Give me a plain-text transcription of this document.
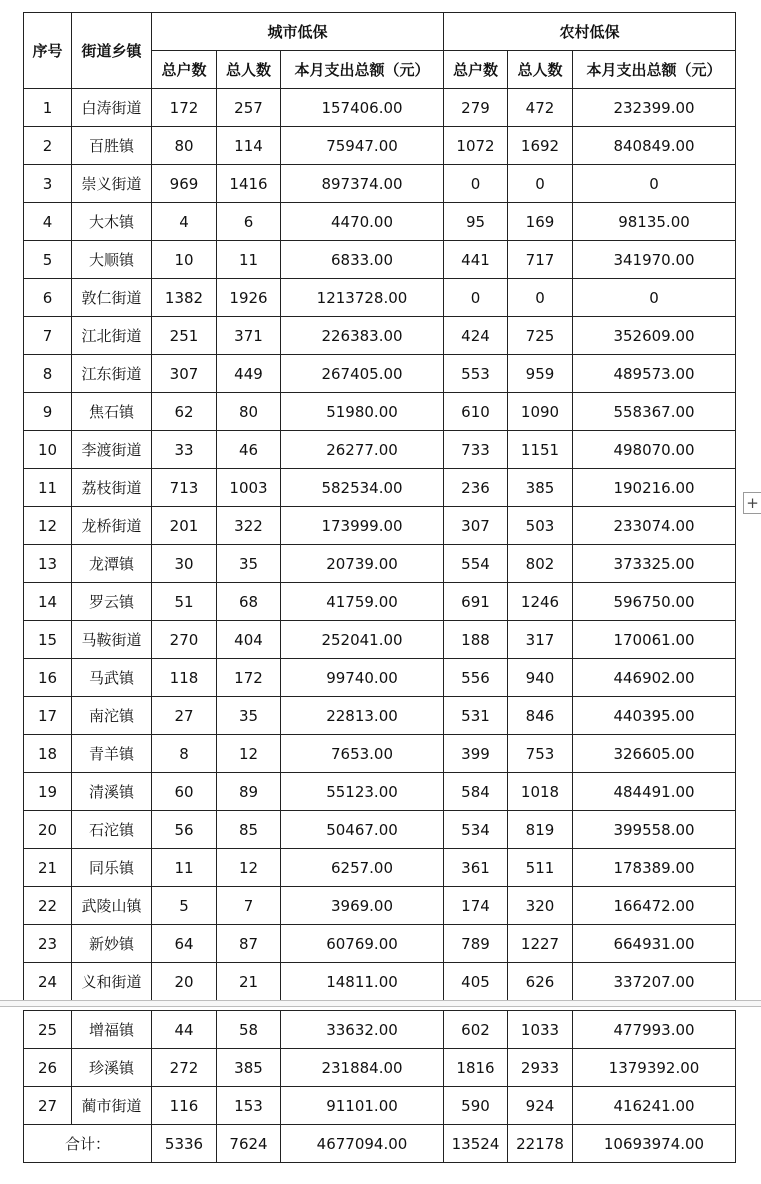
序号	街道乡镇	城市低保			农村低保		
		总户数	总人数	本月支出总额（元）	总户数	总人数	本月支出总额（元）
1	白涛街道	172	257	157406.00	279	472	232399.00
2	百胜镇	80	114	75947.00	1072	1692	840849.00
3	崇义街道	969	1416	897374.00	0	0	0
4	大木镇	4	6	4470.00	95	169	98135.00
5	大顺镇	10	11	6833.00	441	717	341970.00
6	敦仁街道	1382	1926	1213728.00	0	0	0
7	江北街道	251	371	226383.00	424	725	352609.00
8	江东街道	307	449	267405.00	553	959	489573.00
9	焦石镇	62	80	51980.00	610	1090	558367.00
10	李渡街道	33	46	26277.00	733	1151	498070.00
11	荔枝街道	713	1003	582534.00	236	385	190216.00
12	龙桥街道	201	322	173999.00	307	503	233074.00
13	龙潭镇	30	35	20739.00	554	802	373325.00
14	罗云镇	51	68	41759.00	691	1246	596750.00
15	马鞍街道	270	404	252041.00	188	317	170061.00
16	马武镇	118	172	99740.00	556	940	446902.00
17	南沱镇	27	35	22813.00	531	846	440395.00
18	青羊镇	8	12	7653.00	399	753	326605.00
19	清溪镇	60	89	55123.00	584	1018	484491.00
20	石沱镇	56	85	50467.00	534	819	399558.00
21	同乐镇	11	12	6257.00	361	511	178389.00
22	武陵山镇	5	7	3969.00	174	320	166472.00
23	新妙镇	64	87	60769.00	789	1227	664931.00
24	义和街道	20	21	14811.00	405	626	337207.00
25	增福镇	44	58	33632.00	602	1033	477993.00
26	珍溪镇	272	385	231884.00	1816	2933	1379392.00
27	蔺市街道	116	153	91101.00	590	924	416241.00
合计：		5336	7624	4677094.00	13524	22178	10693974.00
+
